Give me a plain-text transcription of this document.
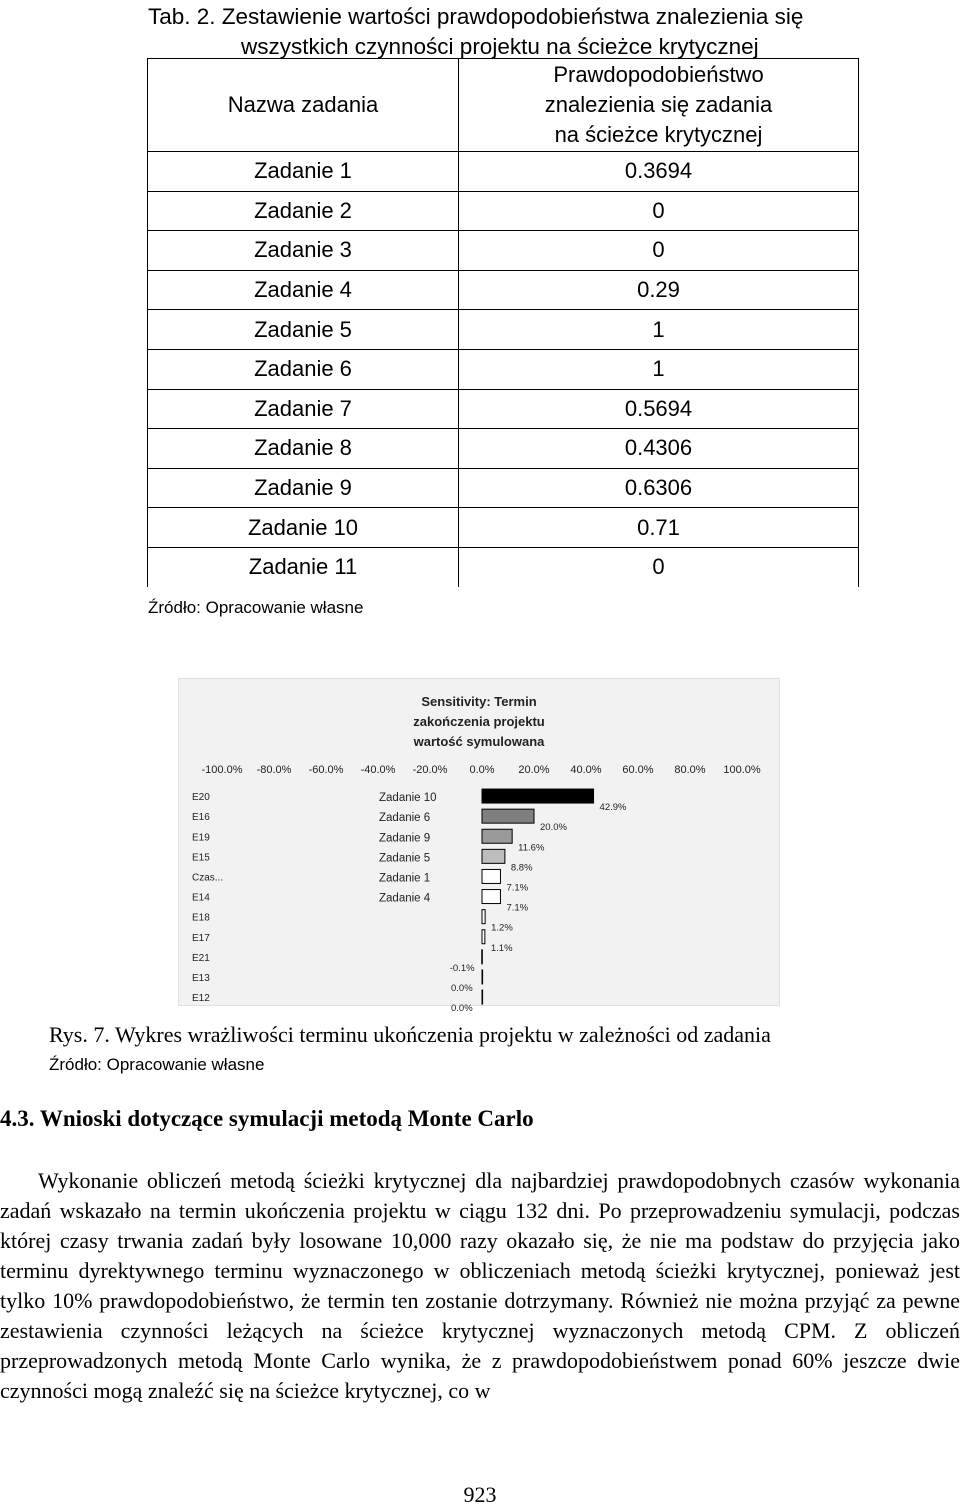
Tab. 2. Zestawienie wartości prawdopodobieństwa znalezienia się
wszystkich czynności projektu na ścieżce krytycznej
Nazwa zadania	Prawdopodobieństwo
znalezienia się zadania
na ścieżce krytycznej

Zadanie 1	0.3694
Zadanie 2	0
Zadanie 3	0
Zadanie 4	0.29
Zadanie 5	1
Zadanie 6	1
Zadanie 7	0.5694
Zadanie 8	0.4306
Zadanie 9	0.6306
Zadanie 10	0.71
Zadanie 11	0
Źródło: Opracowanie własne
Sensitivity: Termin
zakończenia projektu
wartość symulowana
-100.0% -80.0% -60.0% -40.0% -20.0% 0.0% 20.0% 40.0% 60.0% 80.0% 100.0%
E20
42.9%
E16
20.0%
E19
11.6%
E15
8.8%
Czas...
7.1%
E14
7.1%
E18
1.2%
E17
1.1%
E21
-0.1%
E13
0.0%
E12
0.0%
Zadanie 10
Zadanie 6
Zadanie 9
Zadanie 5
Zadanie 1
Zadanie 4
Rys. 7. Wykres wrażliwości terminu ukończenia projektu w zależności od zadania
Źródło: Opracowanie własne
4.3. Wnioski dotyczące symulacji metodą Monte Carlo

Wykonanie obliczeń metodą ścieżki krytycznej dla najbardziej prawdopodobnych czasów wykonania zadań wskazało na termin ukończenia projektu w ciągu 132 dni. Po przeprowadzeniu symulacji, podczas której czasy trwania zadań były losowane 10,000 razy okazało się, że nie ma podstaw do przyjęcia jako terminu dyrektywnego terminu wyznaczonego w obliczeniach metodą ścieżki krytycznej, ponieważ jest tylko 10% prawdopodobieństwo, że termin ten zostanie dotrzymany. Również nie można przyjąć za pewne zestawienia czynności leżących na ścieżce krytycznej wyznaczonych metodą CPM. Z obliczeń przeprowadzonych metodą Monte Carlo wynika, że z prawdopodobieństwem ponad 60% jeszcze dwie czynności mogą znaleźć się na ścieżce krytycznej, co w

923
